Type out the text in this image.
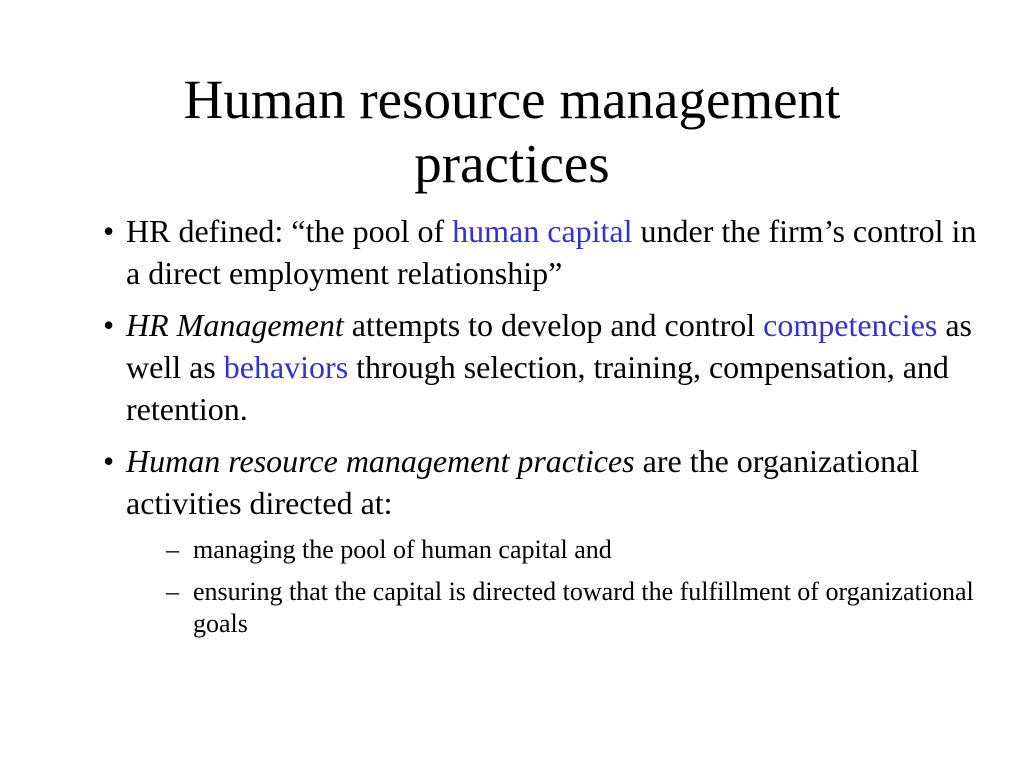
Human resource management
practices
• HR defined: “the pool of human capital under the firm’s control in a direct employment relationship”
• HR Management attempts to develop and control competencies as well as behaviors through selection, training, compensation, and retention.
• Human resource management practices are the organizational activities directed at:
– managing the pool of human capital and
– ensuring that the capital is directed toward the fulfillment of organizational goals
